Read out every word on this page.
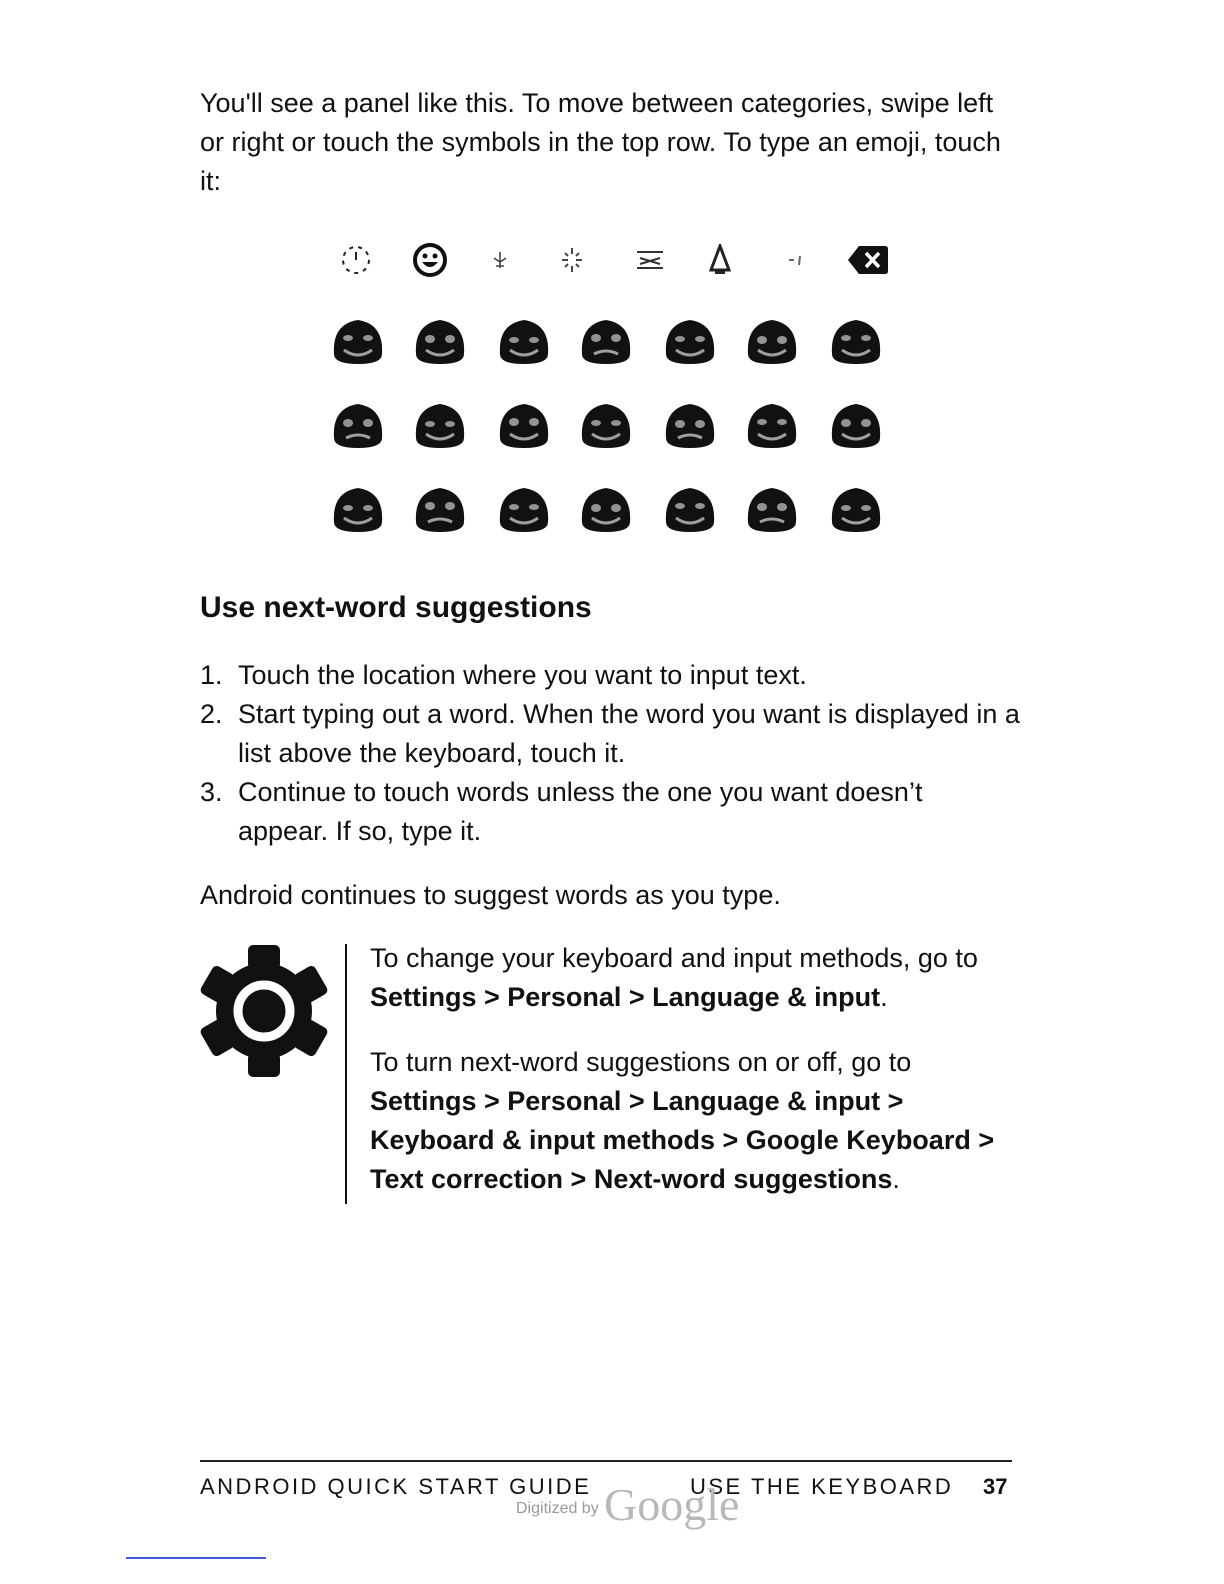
You'll see a panel like this. To move between categories, swipe left or right or touch the symbols in the top row. To type an emoji, touch it:

Use next-word suggestions
1. Touch the location where you want to input text.
2. Start typing out a word. When the word you want is displayed in a list above the keyboard, touch it.
3. Continue to touch words unless the one you want doesn’t appear. If so, type it.

Android continues to suggest words as you type.

To change your keyboard and input methods, go to Settings > Personal > Language & input.

To turn next-word suggestions on or off, go to Settings > Personal > Language & input > Keyboard & input methods > Google Keyboard > Text correction > Next-word suggestions.

ANDROID QUICK START GUIDE	USE THE KEYBOARD 37
Digitized by Google
